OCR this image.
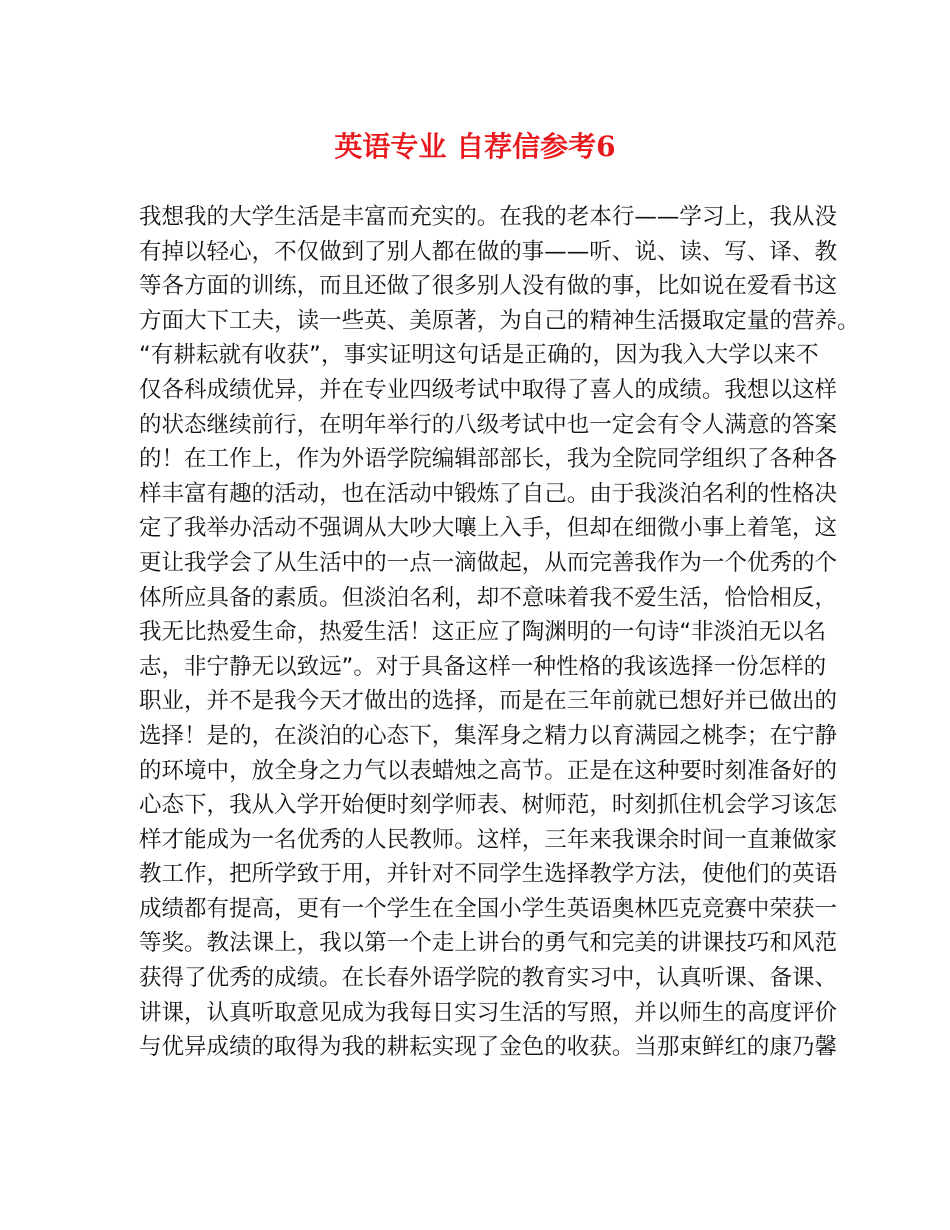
英语专业 自荐信参考6
我 想 我 的 大 学 生 活 是 丰 富 而 充 实 的 。 在 我 的 老 本 行 — — 学 习 上 ， 我 从 没
有 掉 以 轻 心 ， 不 仅 做 到 了 别 人 都 在 做 的 事 — — 听 、 说 、 读 、 写 、 译 、 教
等 各 方 面 的 训 练 ， 而 且 还 做 了 很 多 别 人 没 有 做 的 事 ， 比 如 说 在 爱 看 书 这
方 面 大 下 工 夫 ， 读 一 些 英 、 美 原 著 ， 为 自 己 的 精 神 生 活 摄 取 定 量 的 营 养 。
“ 有 耕 耘 就 有 收 获 ” ， 事 实 证 明 这 句 话 是 正 确 的 ， 因 为 我 入 大 学 以 来 不
仅 各 科 成 绩 优 异 ， 并 在 专 业 四 级 考 试 中 取 得 了 喜 人 的 成 绩 。 我 想 以 这 样
的 状 态 继 续 前 行 ， 在 明 年 举 行 的 八 级 考 试 中 也 一 定 会 有 令 人 满 意 的 答 案
的 ！ 在 工 作 上 ， 作 为 外 语 学 院 编 辑 部 部 长 ， 我 为 全 院 同 学 组 织 了 各 种 各
样 丰 富 有 趣 的 活 动 ， 也 在 活 动 中 锻 炼 了 自 己 。 由 于 我 淡 泊 名 利 的 性 格 决
定 了 我 举 办 活 动 不 强 调 从 大 吵 大 嚷 上 入 手 ， 但 却 在 细 微 小 事 上 着 笔 ， 这
更 让 我 学 会 了 从 生 活 中 的 一 点 一 滴 做 起 ， 从 而 完 善 我 作 为 一 个 优 秀 的 个
体 所 应 具 备 的 素 质 。 但 淡 泊 名 利 ， 却 不 意 味 着 我 不 爱 生 活 ， 恰 恰 相 反 ，
我 无 比 热 爱 生 命 ， 热 爱 生 活 ！ 这 正 应 了 陶 渊 明 的 一 句 诗 “ 非 淡 泊 无 以 名
志 ， 非 宁 静 无 以 致 远 ” 。 对 于 具 备 这 样 一 种 性 格 的 我 该 选 择 一 份 怎 样 的
职 业 ， 并 不 是 我 今 天 才 做 出 的 选 择 ， 而 是 在 三 年 前 就 已 想 好 并 已 做 出 的
选 择 ！ 是 的 ， 在 淡 泊 的 心 态 下 ， 集 浑 身 之 精 力 以 育 满 园 之 桃 李 ； 在 宁 静
的 环 境 中 ， 放 全 身 之 力 气 以 表 蜡 烛 之 高 节 。 正 是 在 这 种 要 时 刻 准 备 好 的
心 态 下 ， 我 从 入 学 开 始 便 时 刻 学 师 表 、 树 师 范 ， 时 刻 抓 住 机 会 学 习 该 怎
样 才 能 成 为 一 名 优 秀 的 人 民 教 师 。 这 样 ， 三 年 来 我 课 余 时 间 一 直 兼 做 家
教 工 作 ， 把 所 学 致 于 用 ， 并 针 对 不 同 学 生 选 择 教 学 方 法 ， 使 他 们 的 英 语
成 绩 都 有 提 高 ， 更 有 一 个 学 生 在 全 国 小 学 生 英 语 奥 林 匹 克 竞 赛 中 荣 获 一
等 奖 。 教 法 课 上 ， 我 以 第 一 个 走 上 讲 台 的 勇 气 和 完 美 的 讲 课 技 巧 和 风 范
获 得 了 优 秀 的 成 绩 。 在 长 春 外 语 学 院 的 教 育 实 习 中 ， 认 真 听 课 、 备 课 、
讲 课 ， 认 真 听 取 意 见 成 为 我 每 日 实 习 生 活 的 写 照 ， 并 以 师 生 的 高 度 评 价
与 优 异 成 绩 的 取 得 为 我 的 耕 耘 实 现 了 金 色 的 收 获 。 当 那 束 鲜 红 的 康 乃 馨
